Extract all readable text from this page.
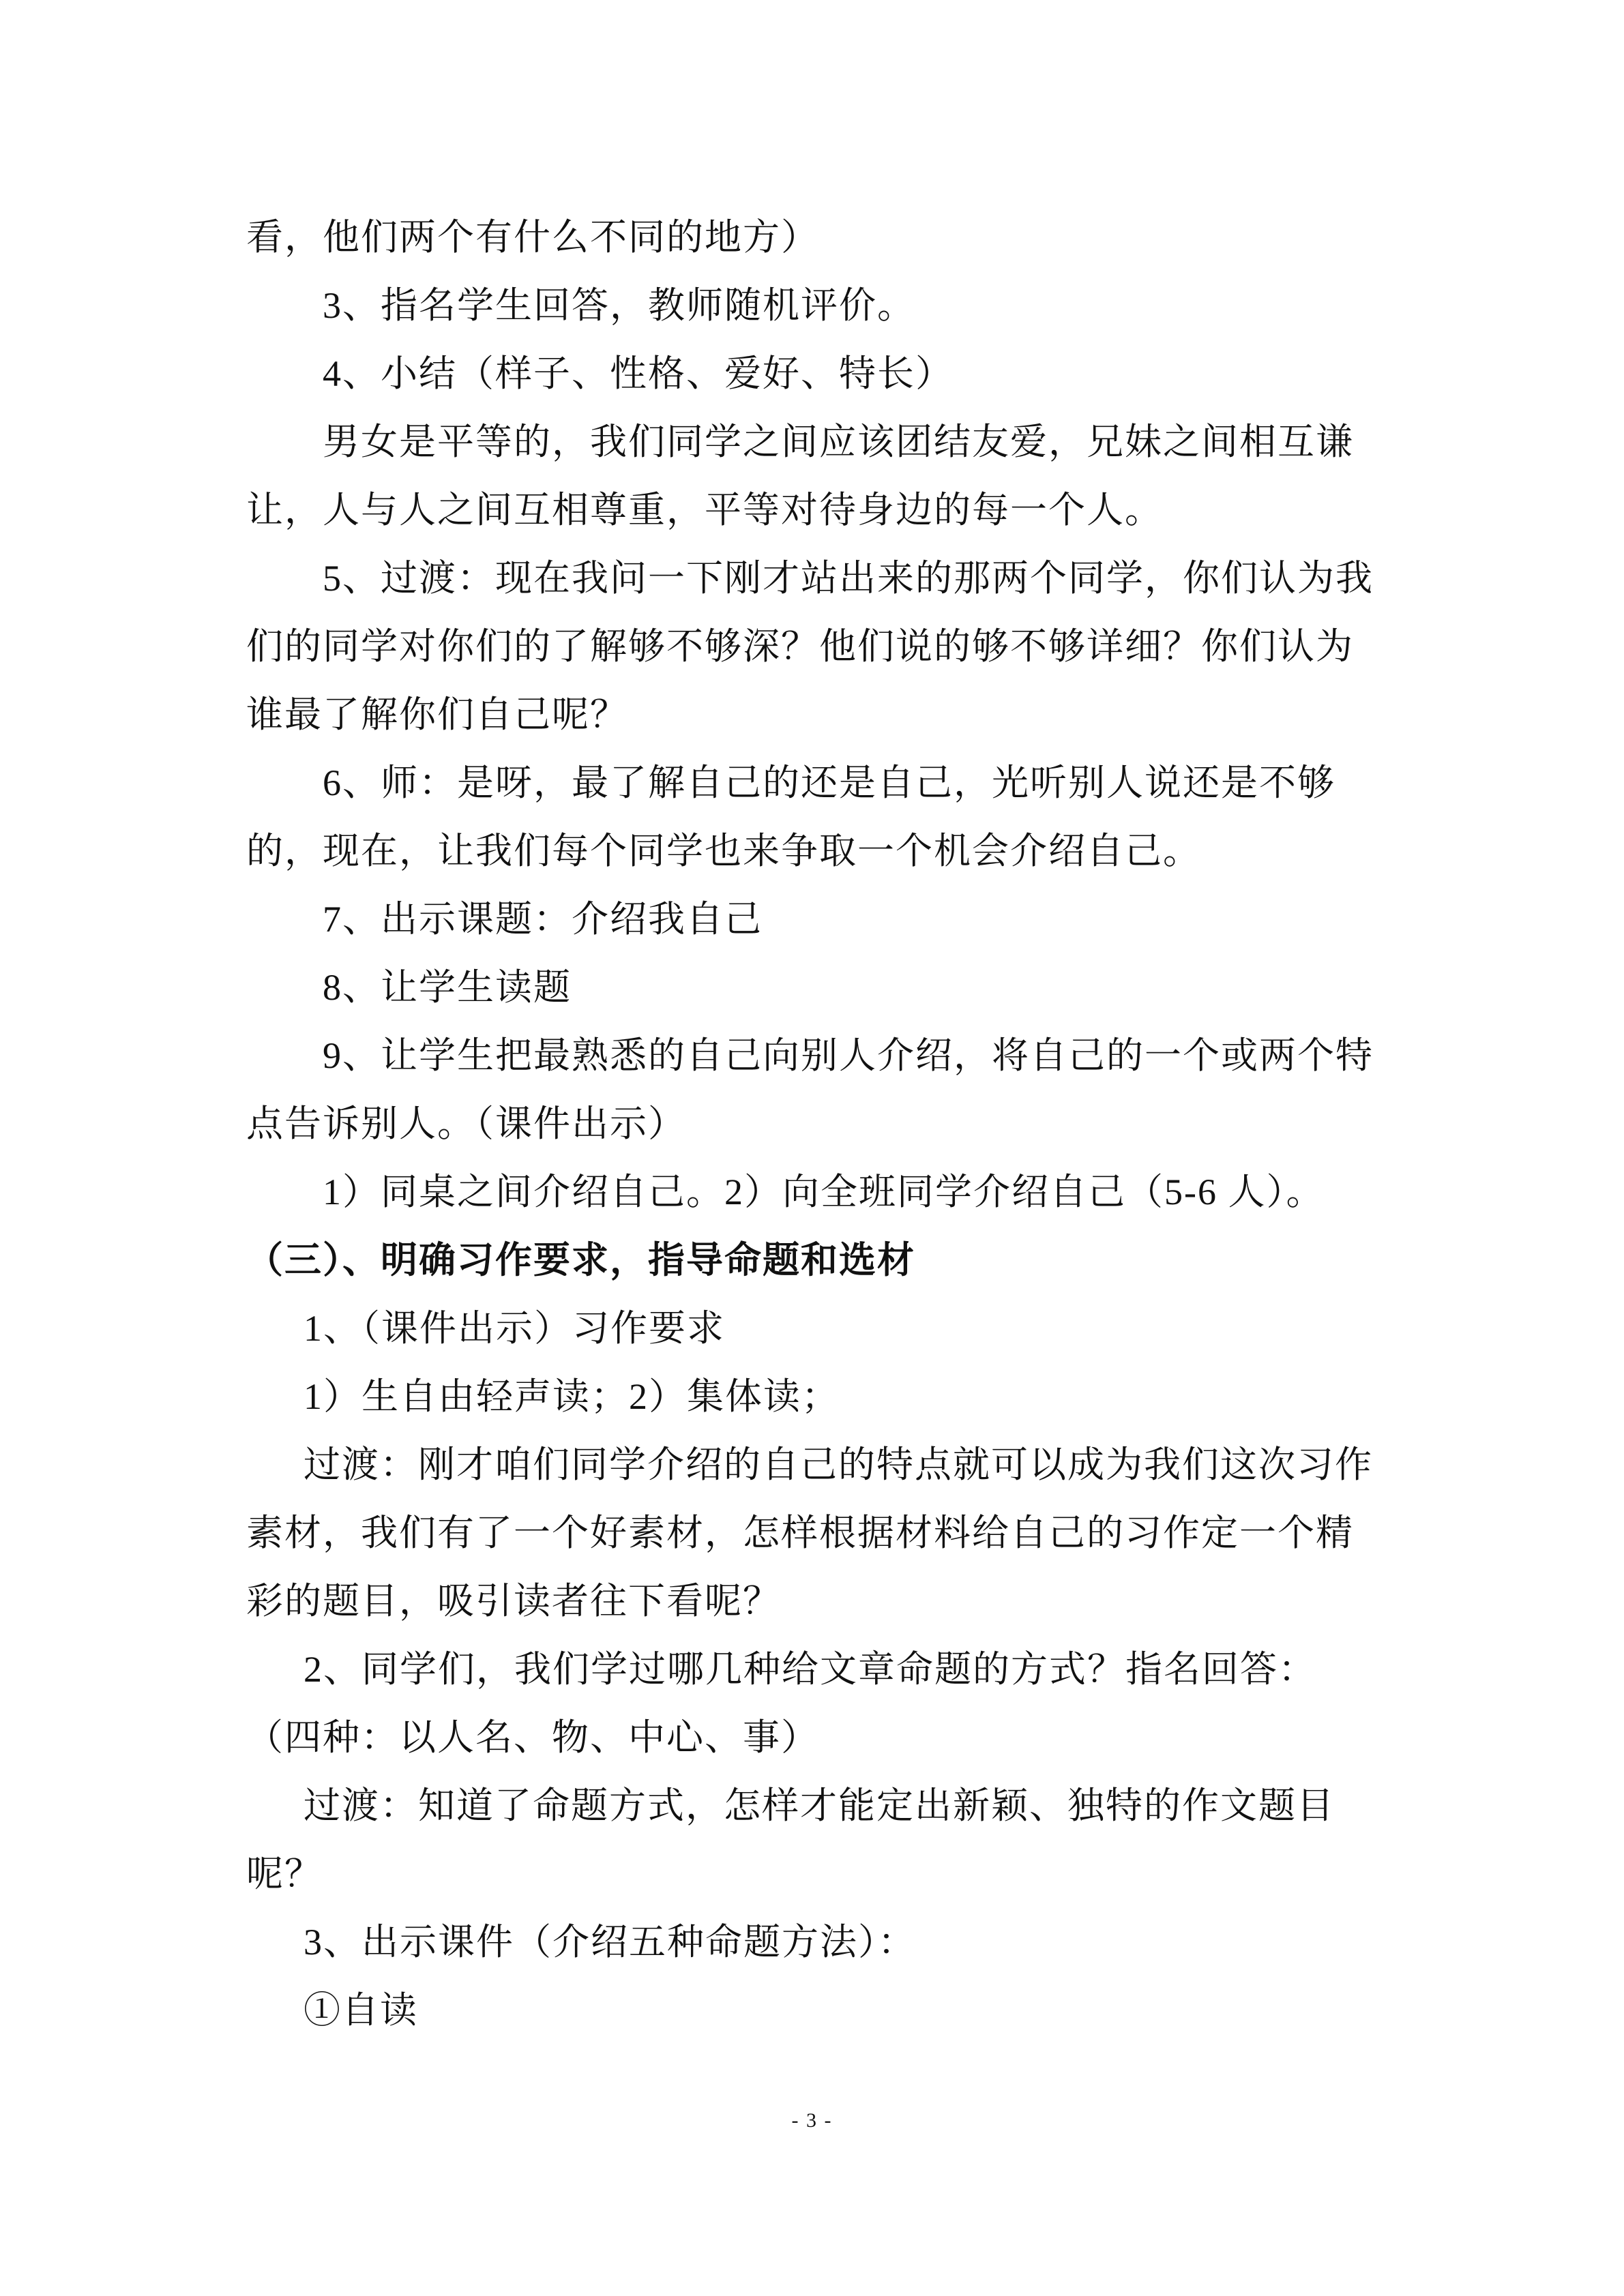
看，他们两个有什么不同的地方）
3、指名学生回答，教师随机评价。
4、小结（样子、性格、爱好、特长）
男女是平等的，我们同学之间应该团结友爱，兄妹之间相互谦
让，人与人之间互相尊重，平等对待身边的每一个人。
5、过渡：现在我问一下刚才站出来的那两个同学，你们认为我
们的同学对你们的了解够不够深？他们说的够不够详细？你们认为
谁最了解你们自己呢？
6、师：是呀，最了解自己的还是自己，光听别人说还是不够
的，现在，让我们每个同学也来争取一个机会介绍自己。
7、出示课题：介绍我自己
8、让学生读题
9、让学生把最熟悉的自己向别人介绍，将自己的一个或两个特
点告诉别人。（课件出示）
1）同桌之间介绍自己。2）向全班同学介绍自己（5-6 人）。
（三）、明确习作要求，指导命题和选材
1、（课件出示）习作要求
1）生自由轻声读；2）集体读；
过渡：刚才咱们同学介绍的自己的特点就可以成为我们这次习作
素材，我们有了一个好素材，怎样根据材料给自己的习作定一个精
彩的题目，吸引读者往下看呢？
2、同学们，我们学过哪几种给文章命题的方式？指名回答：
（四种：以人名、物、中心、事）
过渡：知道了命题方式，怎样才能定出新颖、独特的作文题目
呢？
3、出示课件（介绍五种命题方法）：
①自读
- 3 -
